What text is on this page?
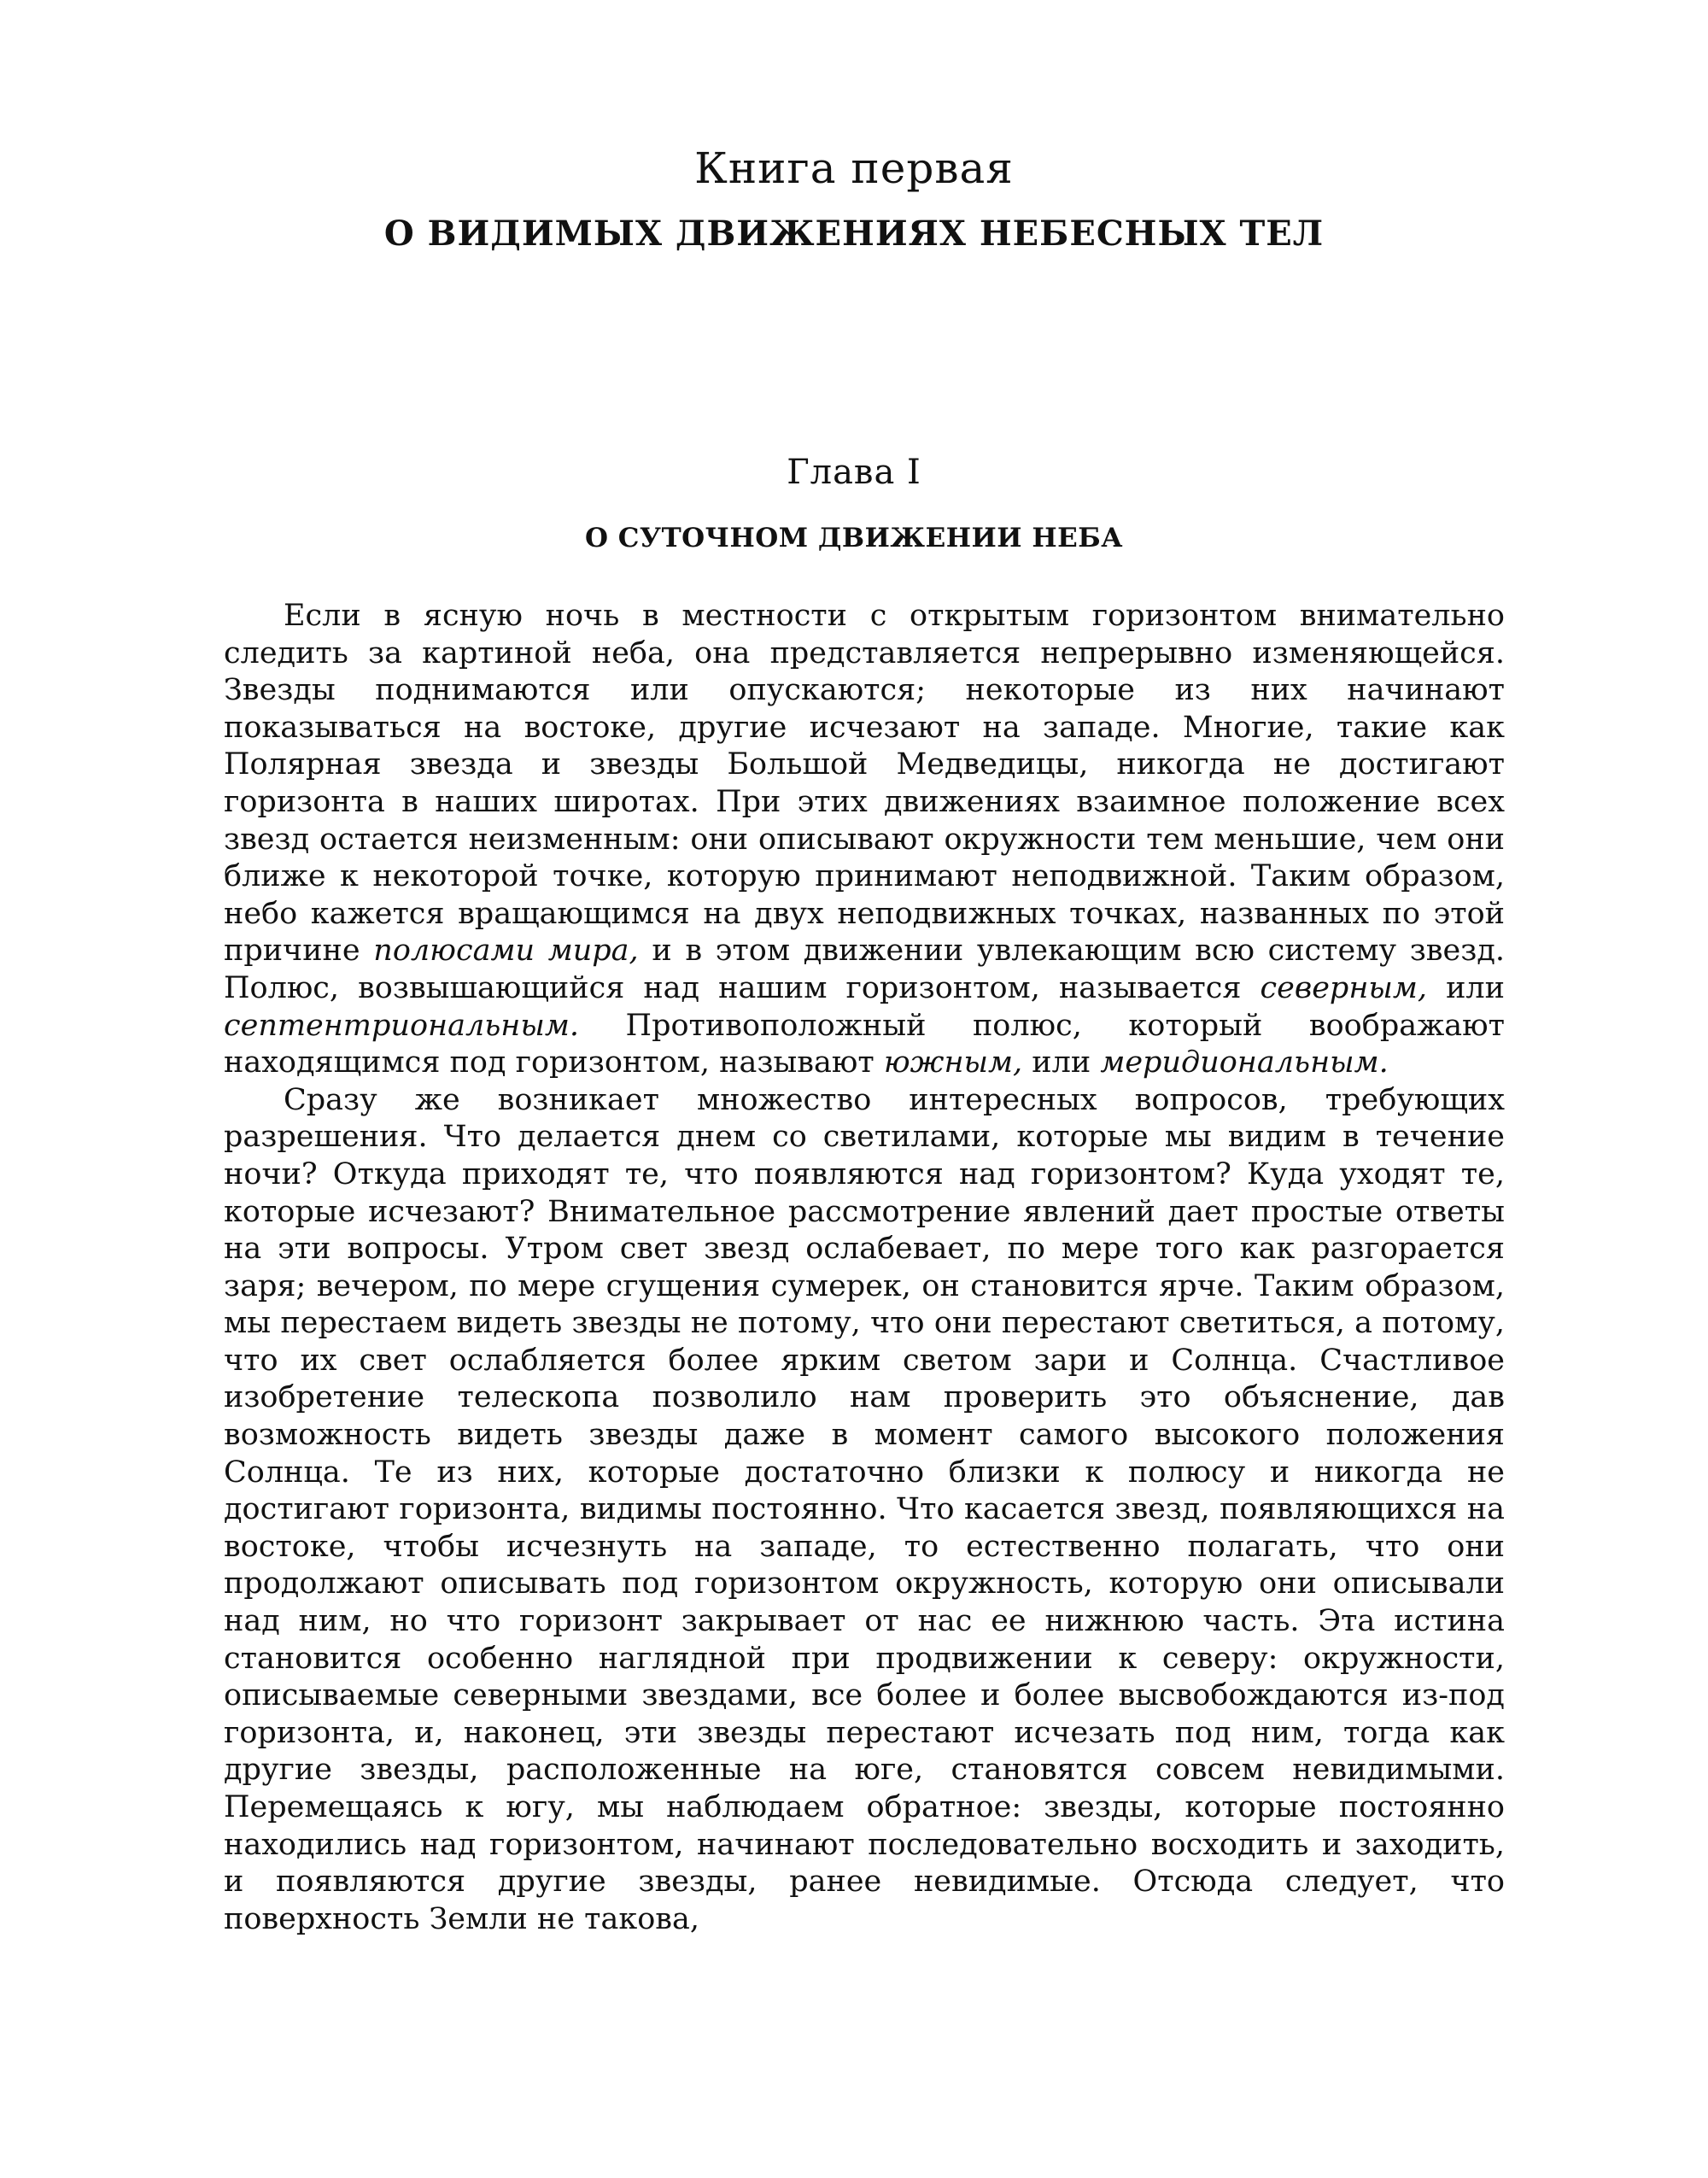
Книга первая
О ВИДИМЫХ ДВИЖЕНИЯХ НЕБЕСНЫХ ТЕЛ
Глава I
О СУТОЧНОМ ДВИЖЕНИИ НЕБА

Если в ясную ночь в местности с открытым горизонтом внимательно следить за картиной неба, она представляется непрерывно изменяющейся. Звезды поднимаются или опускаются; некоторые из них начинают показываться на востоке, другие исчезают на западе. Многие, такие как Полярная звезда и звезды Большой Медведицы, никогда не достигают горизонта в наших широтах. При этих движениях взаимное положение всех звезд остается неизменным: они описывают окружности тем меньшие, чем они ближе к некоторой точке, которую принимают неподвижной. Таким образом, небо кажется вращающимся на двух неподвижных точках, названных по этой причине полюсами мира, и в этом движении увлекающим всю систему звезд. Полюс, возвышающийся над нашим горизонтом, называется северным, или септентриональным. Противоположный полюс, который воображают находящимся под горизонтом, называют южным, или меридиональным.

Сразу же возникает множество интересных вопросов, требующих разрешения. Что делается днем со светилами, которые мы видим в течение ночи? Откуда приходят те, что появляются над горизонтом? Куда уходят те, которые исчезают? Внимательное рассмотрение явлений дает простые ответы на эти вопросы. Утром свет звезд ослабевает, по мере того как разгорается заря; вечером, по мере сгущения сумерек, он становится ярче. Таким образом, мы перестаем видеть звезды не потому, что они перестают светиться, а потому, что их свет ослабляется более ярким светом зари и Солнца. Счастливое изобретение телескопа позволило нам проверить это объяснение, дав возможность видеть звезды даже в момент самого высокого положения Солнца. Те из них, которые достаточно близки к полюсу и никогда не достигают горизонта, видимы постоянно. Что касается звезд, появляющихся на востоке, чтобы исчезнуть на западе, то естественно полагать, что они продолжают описывать под горизонтом окружность, которую они описывали над ним, но что горизонт закрывает от нас ее нижнюю часть. Эта истина становится особенно наглядной при продвижении к северу: окружности, описываемые северными звездами, все более и более высвобождаются из-под горизонта, и, наконец, эти звезды перестают исчезать под ним, тогда как другие звезды, расположенные на юге, становятся совсем невидимыми. Перемещаясь к югу, мы наблюдаем обратное: звезды, которые постоянно находились над горизонтом, начинают последовательно восходить и заходить, и появляются другие звезды, ранее невидимые. Отсюда следует, что поверхность Земли не такова,
